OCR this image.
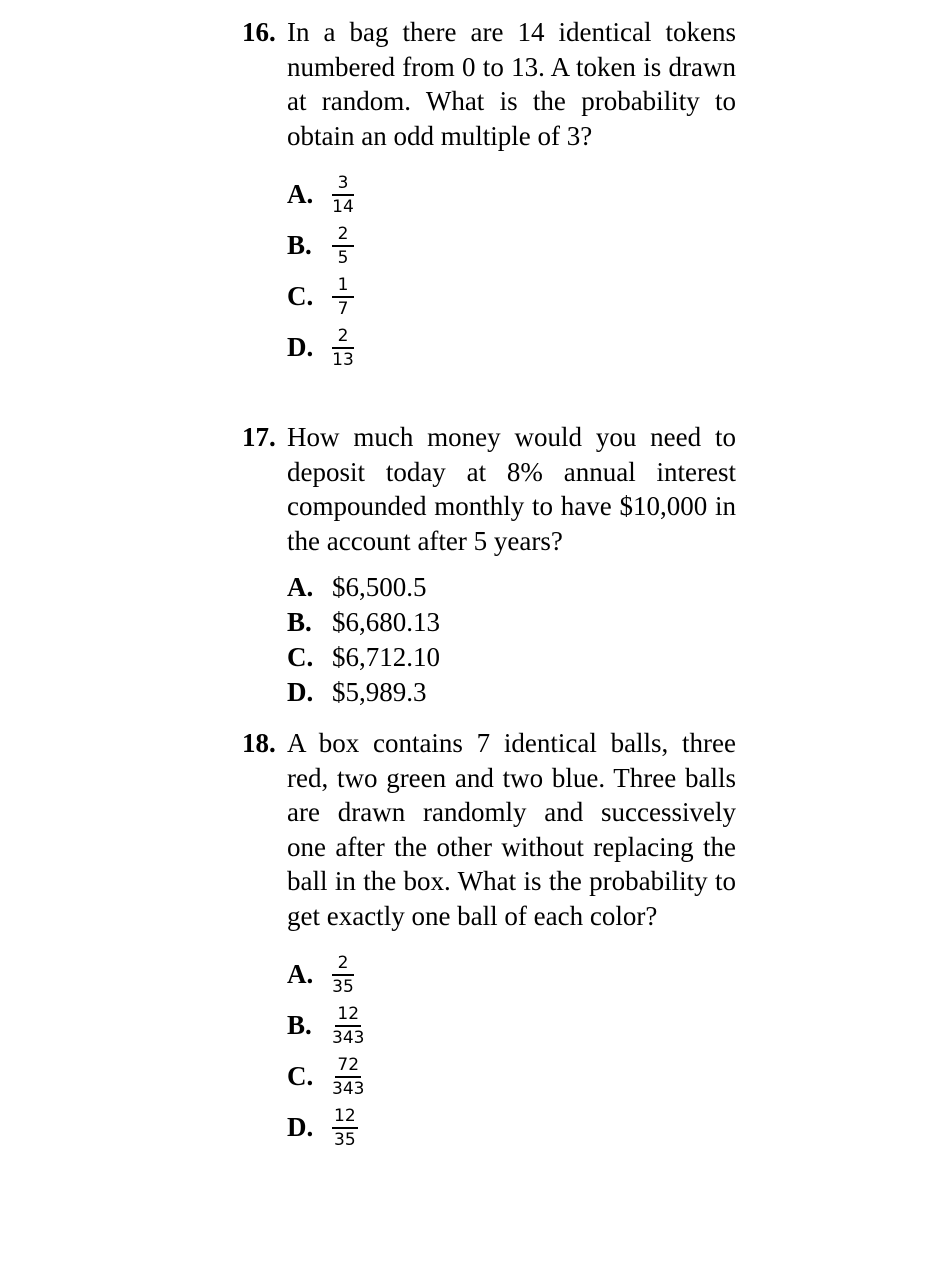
16. In a bag there are 14 identical tokens numbered from 0 to 13. A token is drawn at random. What is the probability to obtain an odd multiple of 3?
A.	$\frac{3}{14}$
B.	$\frac{2}{5}$
C.	$\frac{1}{7}$
D.	$\frac{2}{13}$
17. How much money would you need to deposit today at 8% annual interest compounded monthly to have $10,000 in the account after 5 years?
A. $6,500.5
B. $6,680.13
C. $6,712.10
D. $5,989.3
18. A box contains 7 identical balls, three red, two green and two blue. Three balls are drawn randomly and successively one after the other without replacing the ball in the box. What is the probability to get exactly one ball of each color?
A.	$\frac{2}{35}$
B.	$\frac{12}{343}$
C.	$\frac{72}{343}$
D.	$\frac{12}{35}$
